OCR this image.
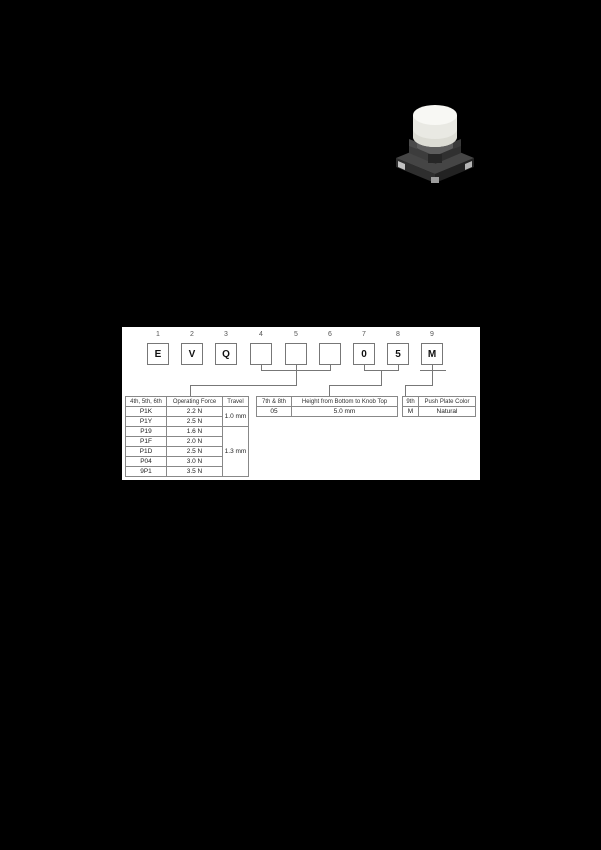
1	2	3	4	5	6	7	8	9
E	V	Q	0	5	M
4th, 5th, 6th	Operating Force	Travel
P1K	2.2 N	1.0 mm
P1Y	2.5 N	
P19	1.6 N	1.3 mm
P1F	2.0 N	
P1D	2.5 N	
P04	3.0 N	
9P1	3.5 N	
7th & 8th	Height from Bottom to Knob Top
05	5.0 mm
9th	Push Plate Color
M	Natural
